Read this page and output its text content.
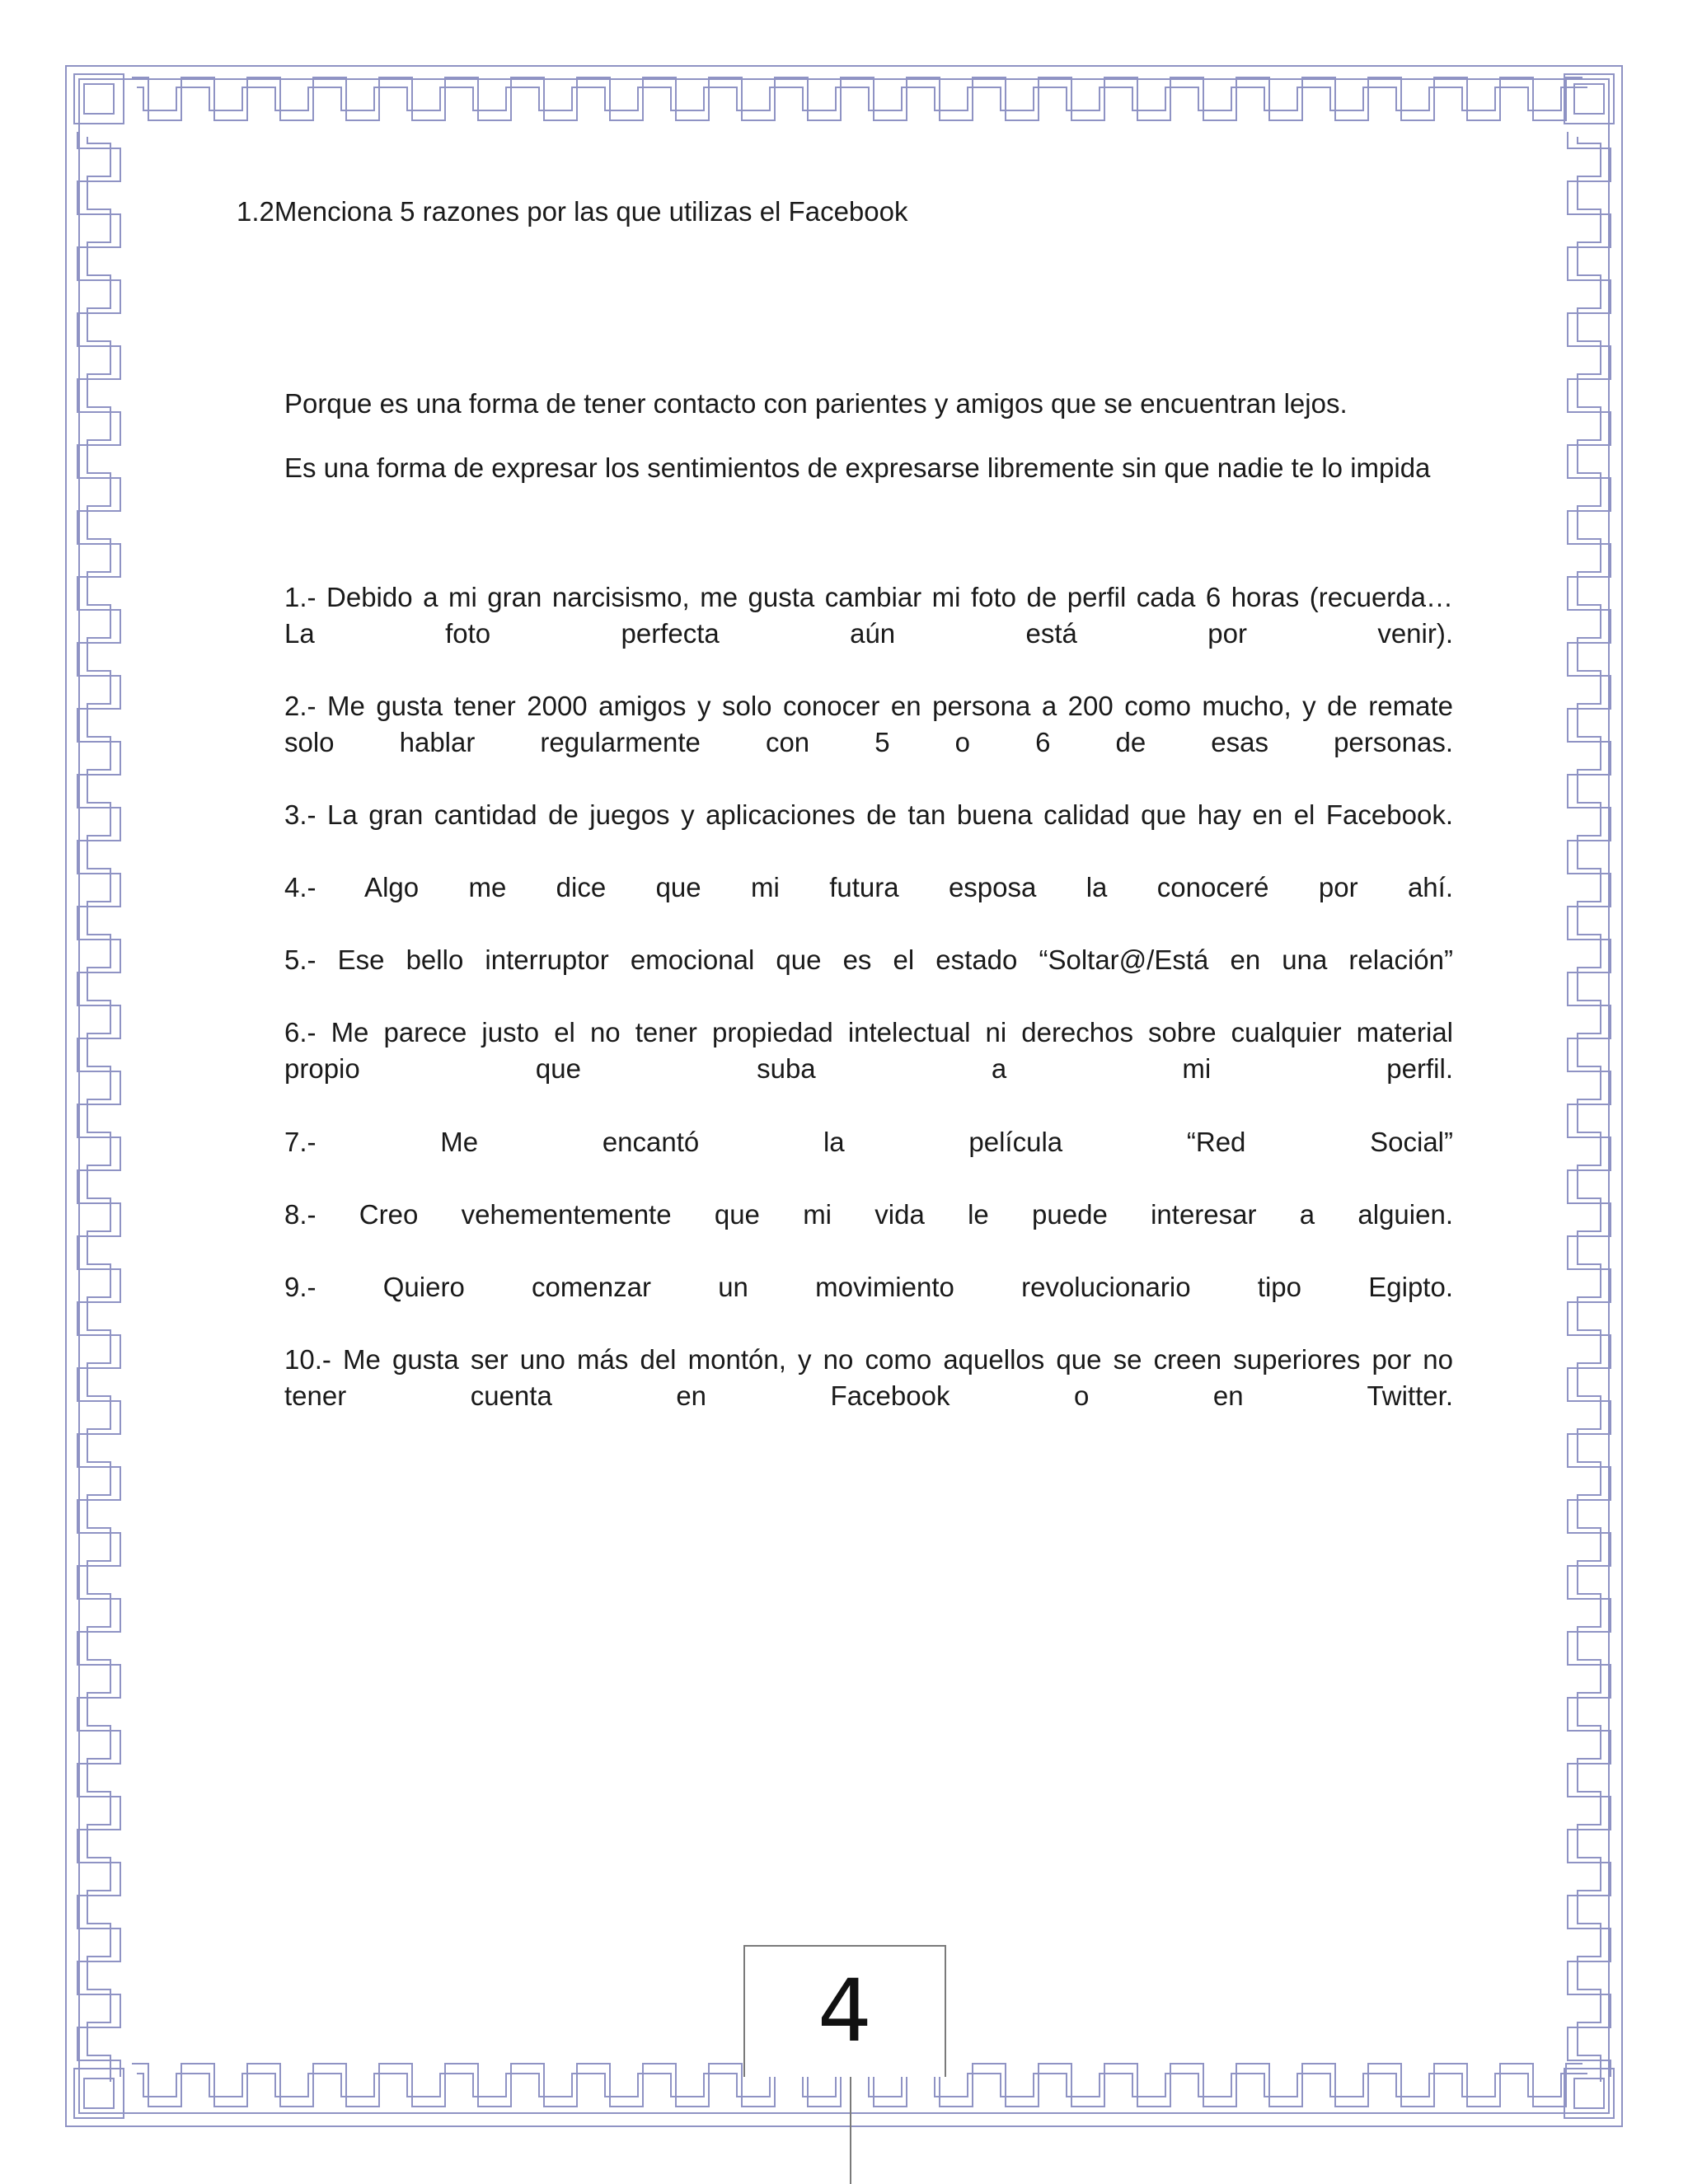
1.2Menciona 5 razones por las que utilizas el Facebook
Porque es una forma de tener contacto con parientes y amigos que se encuentran lejos.
Es una forma de expresar los sentimientos de expresarse libremente sin que nadie te lo impida
1.- Debido a mi gran narcisismo, me gusta cambiar mi foto de perfil cada 6 horas (recuerda…
La foto perfecta aún está por venir).
2.- Me gusta tener 2000 amigos y solo conocer en persona a 200 como mucho, y de remate
solo hablar regularmente con 5 o 6 de esas personas.
3.- La gran cantidad de juegos y aplicaciones de tan buena calidad que hay en el Facebook.
4.- Algo me dice que mi futura esposa la conoceré por ahí.
5.- Ese bello interruptor emocional que es el estado “Soltar@/Está en una relación”
6.- Me parece justo el no tener propiedad intelectual ni derechos sobre cualquier material
propio que suba a mi perfil.
7.- Me encantó la película “Red Social”
8.- Creo vehementemente que mi vida le puede interesar a alguien.
9.- Quiero comenzar un movimiento revolucionario tipo Egipto.
10.- Me gusta ser uno más del montón, y no como aquellos que se creen superiores por no
tener cuenta en Facebook o en Twitter.
4
